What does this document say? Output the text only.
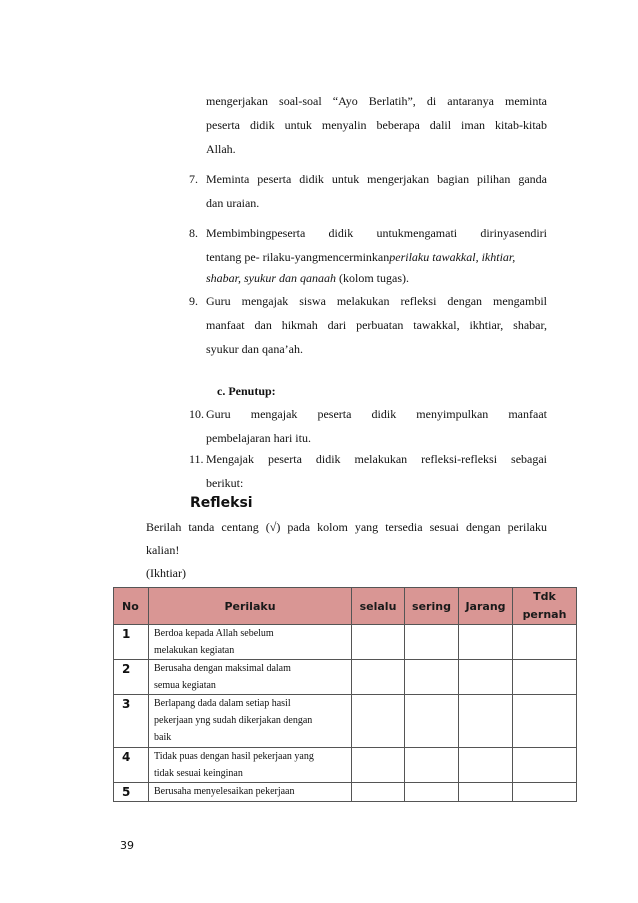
mengerjakan soal-soal “Ayo Berlatih”, di antaranya meminta
peserta didik untuk menyalin beberapa dalil iman kitab-kitab
Allah.
7. Meminta peserta didik untuk mengerjakan bagian pilihan ganda
dan uraian.
8. Membimbingpeserta didik untukmengamati dirinyasendiri
tentang pe- rilaku-yangmencerminkanperilaku tawakkal, ikhtiar,
shabar, syukur dan qanaah (kolom tugas).
9. Guru mengajak siswa melakukan refleksi dengan mengambil
manfaat dan hikmah dari perbuatan tawakkal, ikhtiar, shabar,
syukur dan qana’ah.
c. Penutup:
10. Guru mengajak peserta didik menyimpulkan manfaat
pembelajaran hari itu.
11. Mengajak peserta didik melakukan refleksi-refleksi sebagai
berikut:
Refleksi
Berilah tanda centang (√) pada kolom yang tersedia sesuai dengan perilaku
kalian!
(Ikhtiar)
No	Perilaku	selalu	sering	Jarang	Tdk
pernah

1	Berdoa kepada Allah sebelum
melakukan kegiatan				

2	Berusaha dengan maksimal dalam
semua kegiatan				

3	Berlapang dada dalam setiap hasil
pekerjaan yng sudah dikerjakan dengan
baik				

4	Tidak puas dengan hasil pekerjaan yang
tidak sesuai keinginan				

5	Berusaha menyelesaikan pekerjaan				

39
